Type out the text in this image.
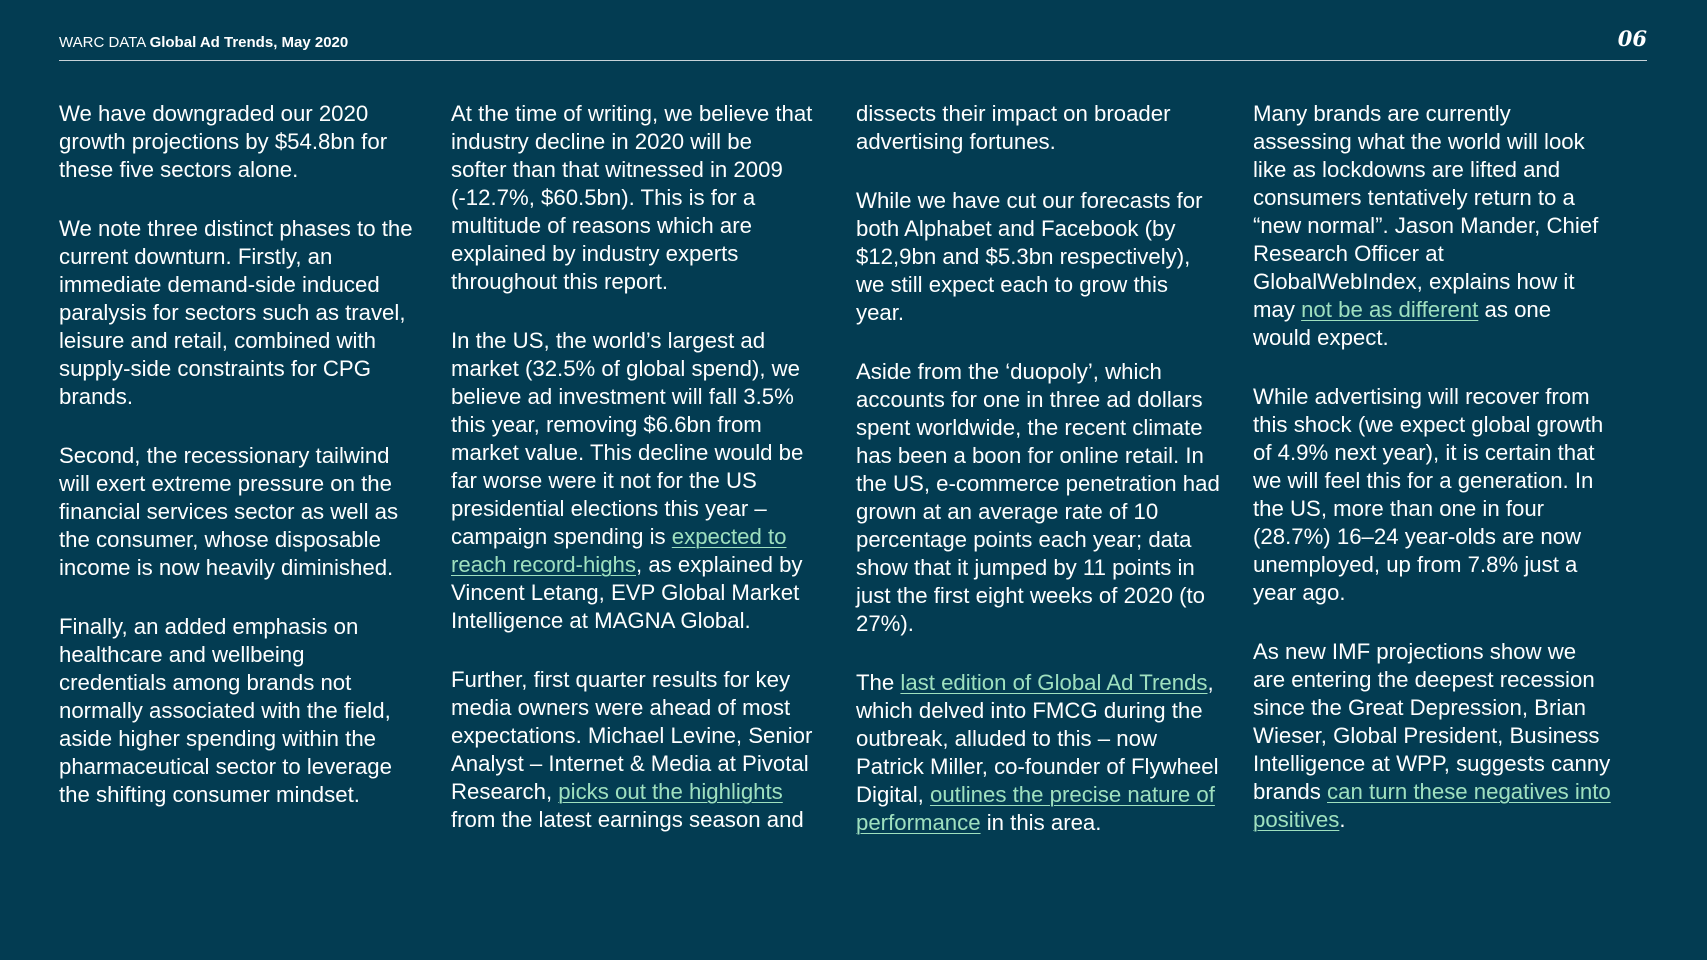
WARC DATA Global Ad Trends, May 2020	06

We have downgraded our 2020 growth projections by $54.8bn for these five sectors alone.

We note three distinct phases to the current downturn. Firstly, an immediate demand-side induced paralysis for sectors such as travel, leisure and retail, combined with supply-side constraints for CPG brands.

Second, the recessionary tailwind will exert extreme pressure on the financial services sector as well as the consumer, whose disposable income is now heavily diminished.

Finally, an added emphasis on healthcare and wellbeing credentials among brands not normally associated with the field, aside higher spending within the pharmaceutical sector to leverage the shifting consumer mindset.

At the time of writing, we believe that industry decline in 2020 will be softer than that witnessed in 2009 (-12.7%, $60.5bn). This is for a multitude of reasons which are explained by industry experts throughout this report.

In the US, the world’s largest ad market (32.5% of global spend), we believe ad investment will fall 3.5% this year, removing $6.6bn from market value. This decline would be far worse were it not for the US presidential elections this year – campaign spending is expected to reach record-highs, as explained by Vincent Letang, EVP Global Market Intelligence at MAGNA Global.

Further, first quarter results for key media owners were ahead of most expectations. Michael Levine, Senior Analyst – Internet & Media at Pivotal Research, picks out the highlights from the latest earnings season and

dissects their impact on broader advertising fortunes.

While we have cut our forecasts for both Alphabet and Facebook (by $12,9bn and $5.3bn respectively), we still expect each to grow this year.

Aside from the ‘duopoly’, which accounts for one in three ad dollars spent worldwide, the recent climate has been a boon for online retail. In the US, e-commerce penetration had grown at an average rate of 10 percentage points each year; data show that it jumped by 11 points in just the first eight weeks of 2020 (to 27%).

The last edition of Global Ad Trends, which delved into FMCG during the outbreak, alluded to this – now Patrick Miller, co-founder of Flywheel Digital, outlines the precise nature of performance in this area.

Many brands are currently assessing what the world will look like as lockdowns are lifted and consumers tentatively return to a “new normal”. Jason Mander, Chief Research Officer at GlobalWebIndex, explains how it may not be as different as one would expect.

While advertising will recover from this shock (we expect global growth of 4.9% next year), it is certain that we will feel this for a generation. In the US, more than one in four (28.7%) 16–24 year-olds are now unemployed, up from 7.8% just a year ago.

As new IMF projections show we are entering the deepest recession since the Great Depression, Brian Wieser, Global President, Business Intelligence at WPP, suggests canny brands can turn these negatives into positives.
